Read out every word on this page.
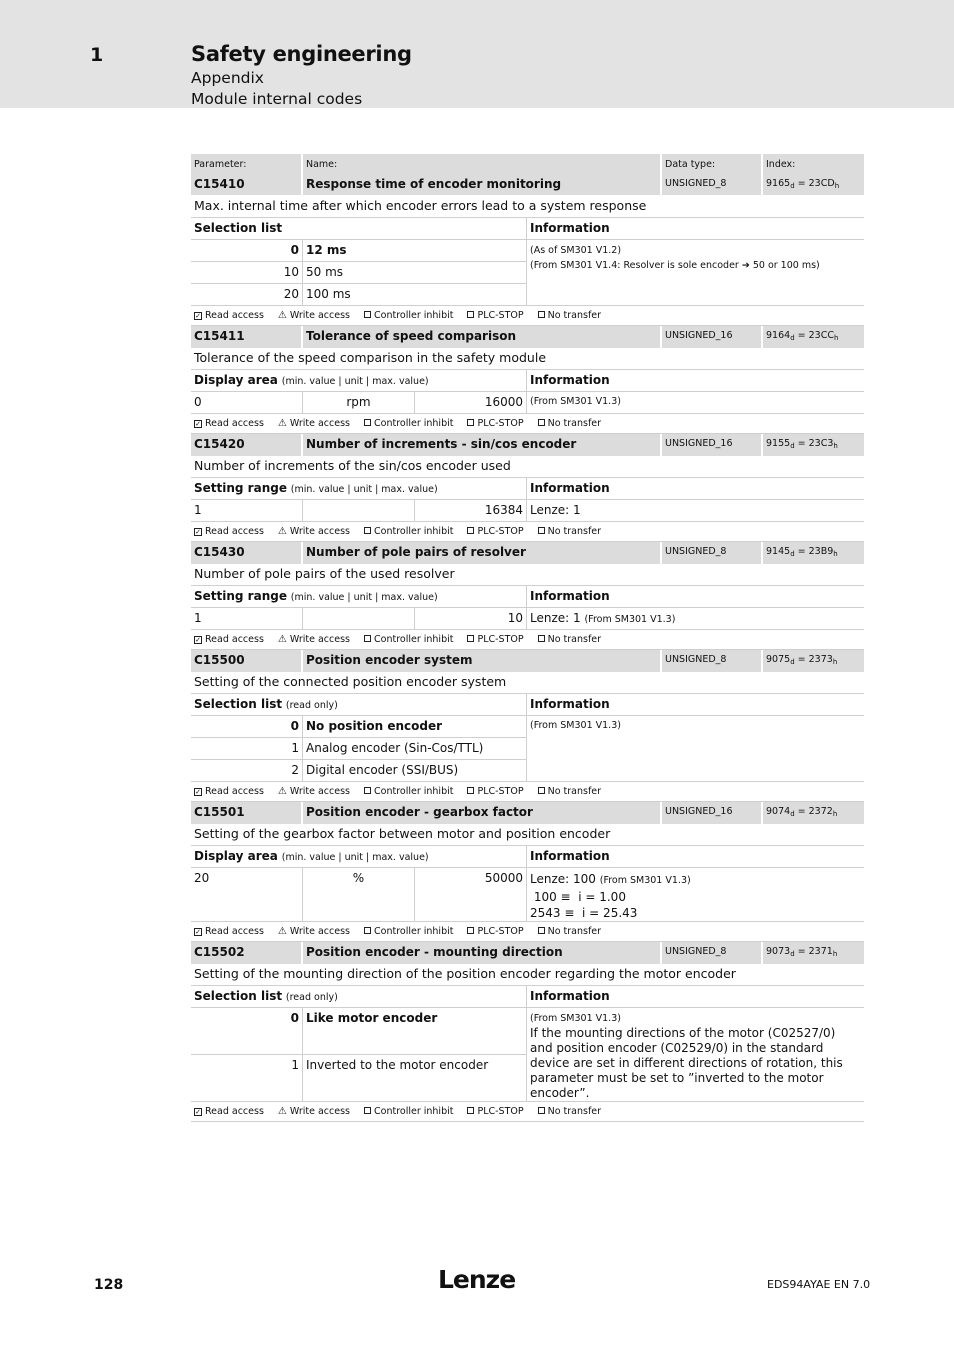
1	Safety engineering
Appendix
Module internal codes
Parameter:	Name:			Data type:	Index:
C15410	Response time of encoder monitoring			UNSIGNED_8	$9165_d = 23CD_h$
Max. internal time after which encoder errors lead to a system response					
Selection list			Information		
0	12 ms		(As of SM301 V1.2)
(From SM301 V1.4: Resolver is sole encoder ➔ 50 or 100 ms)		

10	50 ms				
20	100 ms				
✓ Read access ⚠ Write access Controller inhibit PLC-STOP No transfer					
C15411	Tolerance of speed comparison			UNSIGNED_16	$9164_d = 23CC_h$
Tolerance of the speed comparison in the safety module					
Display area (min. value | unit | max. value)			Information		
0	rpm	16000	(From SM301 V1.3)		
✓ Read access ⚠ Write access Controller inhibit PLC-STOP No transfer					
C15420	Number of increments - sin/cos encoder			UNSIGNED_16	$9155_d = 23C3_h$
Number of increments of the sin/cos encoder used					
Setting range (min. value | unit | max. value)			Information		
1		16384	Lenze: 1		
✓ Read access ⚠ Write access Controller inhibit PLC-STOP No transfer					
C15430	Number of pole pairs of resolver			UNSIGNED_8	$9145_d = 23B9_h$
Number of pole pairs of the used resolver					
Setting range (min. value | unit | max. value)			Information		
1		10	Lenze: 1 (From SM301 V1.3)		
✓ Read access ⚠ Write access Controller inhibit PLC-STOP No transfer					
C15500	Position encoder system			UNSIGNED_8	$9075_d = 2373_h$
Setting of the connected position encoder system					
Selection list (read only)			Information		
0	No position encoder		(From SM301 V1.3)		
1	Analog encoder (Sin-Cos/TTL)				
2	Digital encoder (SSI/BUS)				
✓ Read access ⚠ Write access Controller inhibit PLC-STOP No transfer					
C15501	Position encoder - gearbox factor			UNSIGNED_16	$9074_d = 2372_h$
Setting of the gearbox factor between motor and position encoder					
Display area (min. value | unit | max. value)			Information		
20	%	50000	Lenze: 100 (From SM301 V1.3)
100 ≡  i = 1.00
2543 ≡  i = 25.43		

✓ Read access ⚠ Write access Controller inhibit PLC-STOP No transfer					
C15502	Position encoder - mounting direction			UNSIGNED_8	$9073_d = 2371_h$
Setting of the mounting direction of the position encoder regarding the motor encoder					
Selection list (read only)			Information		
0	Like motor encoder		(From SM301 V1.3)
If the mounting directions of the motor (C02527/0) and position encoder (C02529/0) in the standard device are set in different directions of rotation, this parameter must be set to ”inverted to the motor encoder”.		

1	Inverted to the motor encoder				
✓ Read access ⚠ Write access Controller inhibit PLC-STOP No transfer					
128	Lenze	EDS94AYAE EN 7.0
